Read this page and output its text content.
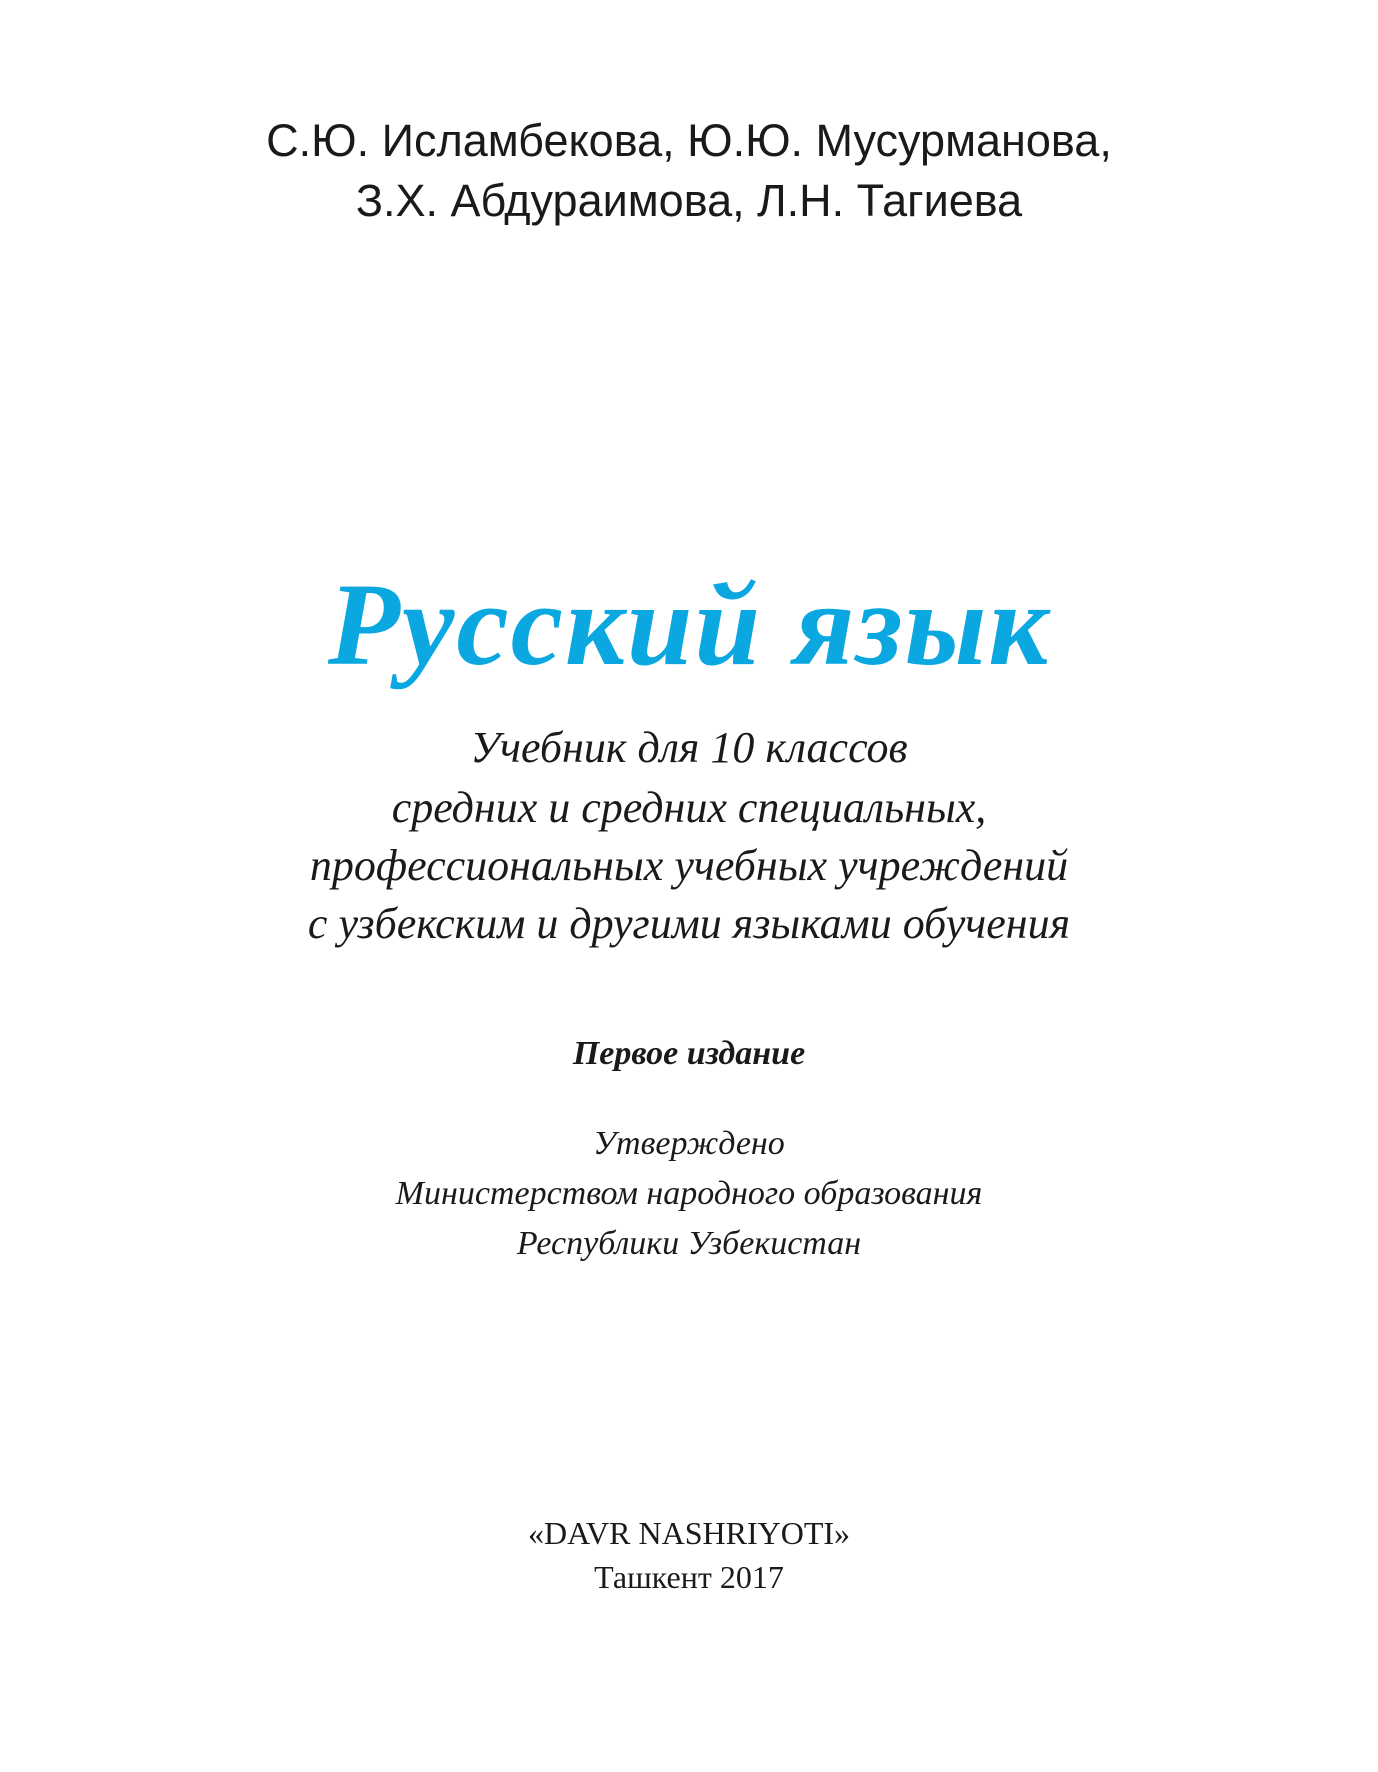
С.Ю. Исламбекова, Ю.Ю. Мусурманова,
З.Х. Абдураимова, Л.Н. Тагиева
Русский язык
Учебник для 10 классов
средних и средних специальных,
профессиональных учебных учреждений
с узбекским и другими языками обучения
Первое издание
Утверждено
Министерством народного образования
Республики Узбекистан
«DAVR NASHRIYOTI»
Ташкент 2017
